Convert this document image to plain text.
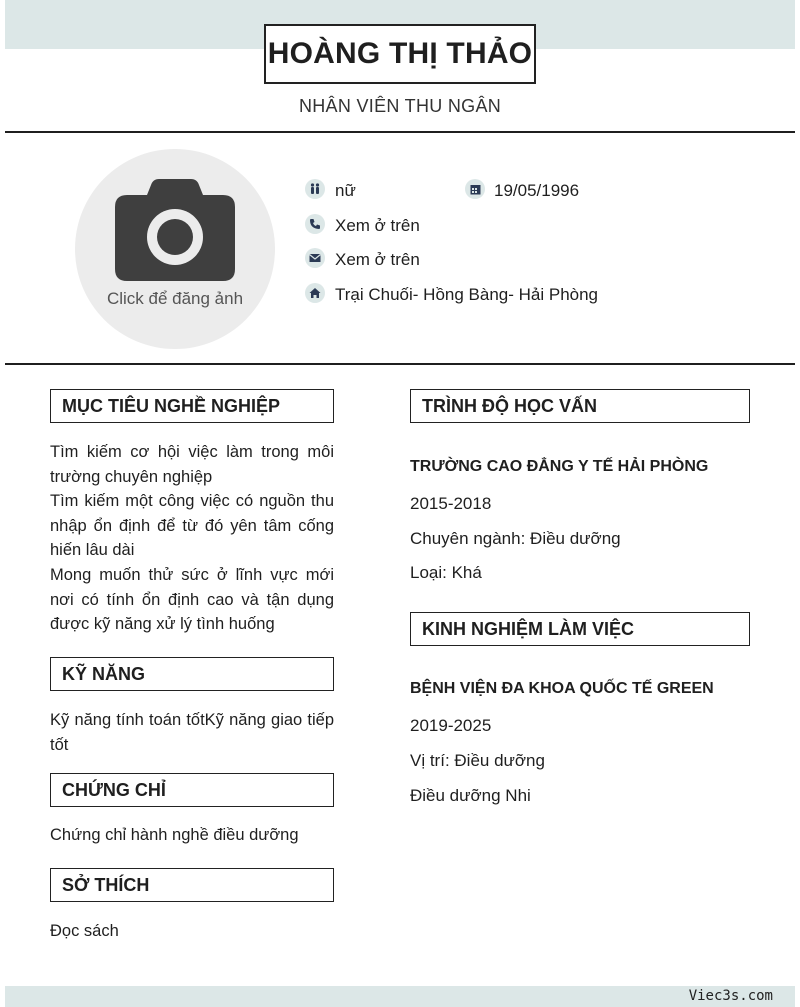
HOÀNG THỊ THẢO
NHÂN VIÊN THU NGÂN
Click để đăng ảnh
nữ	19/05/1996
Xem ở trên
Xem ở trên
Trại Chuối- Hồng Bàng- Hải Phòng
MỤC TIÊU NGHỀ NGHIỆP

Tìm kiếm cơ hội việc làm trong môi trường chuyên nghiệp

Tìm kiếm một công việc có nguồn thu nhập ổn định để từ đó yên tâm cống hiến lâu dài

Mong muốn thử sức ở lĩnh vực mới nơi có tính ổn định cao và tận dụng được kỹ năng xử lý tình huống

KỸ NĂNG
Kỹ năng tính toán tốtKỹ năng giao tiếp tốt
CHỨNG CHỈ
Chứng chỉ hành nghề điều dưỡng
SỞ THÍCH
Đọc sách
TRÌNH ĐỘ HỌC VẤN
TRƯỜNG CAO ĐẲNG Y TẾ HẢI PHÒNG
2015-2018
Chuyên ngành: Điều dưỡng
Loại: Khá
KINH NGHIỆM LÀM VIỆC
BỆNH VIỆN ĐA KHOA QUỐC TẾ GREEN
2019-2025
Vị trí: Điều dưỡng
Điều dưỡng Nhi
Viec3s.com
